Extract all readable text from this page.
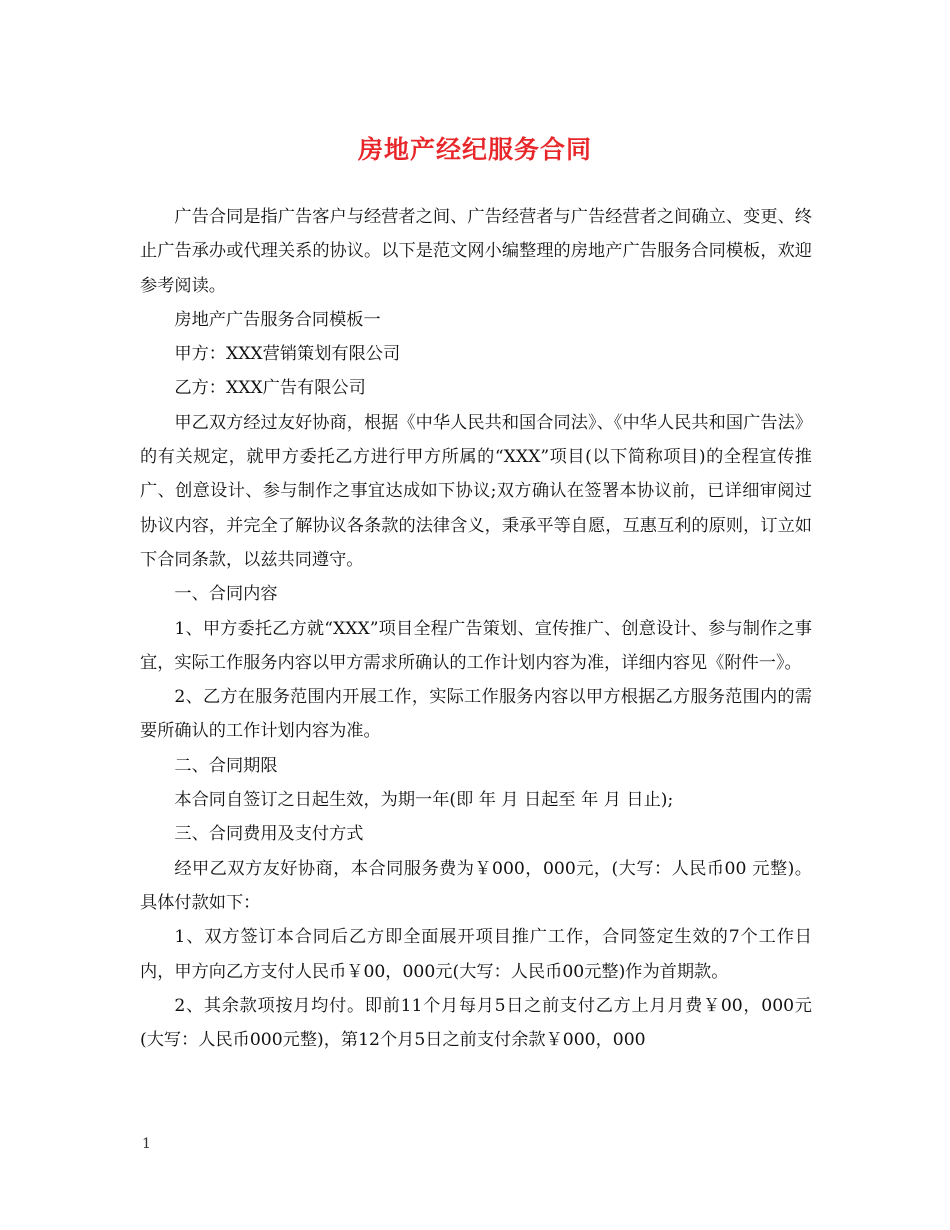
房地产经纪服务合同

广告合同是指广告客户与经营者之间、广告经营者与广告经营者之间确立、变更、终止广告承办或代理关系的协议。以下是范文网小编整理的房地产广告服务合同模板，欢迎参考阅读。

房地产广告服务合同模板一

甲方：XXX营销策划有限公司

乙方：XXX广告有限公司

甲乙双方经过友好协商，根据《中华人民共和国合同法》、《中华人民共和国广告法》的有关规定，就甲方委托乙方进行甲方所属的“XXX”项目(以下简称项目)的全程宣传推广、创意设计、参与制作之事宜达成如下协议;双方确认在签署本协议前，已详细审阅过协议内容，并完全了解协议各条款的法律含义，秉承平等自愿，互惠互利的原则，订立如下合同条款，以兹共同遵守。

一、合同内容

1、甲方委托乙方就“XXX”项目全程广告策划、宣传推广、创意设计、参与制作之事宜，实际工作服务内容以甲方需求所确认的工作计划内容为准，详细内容见《附件一》。

2、乙方在服务范围内开展工作，实际工作服务内容以甲方根据乙方服务范围内的需要所确认的工作计划内容为准。

二、合同期限

本合同自签订之日起生效，为期一年(即 年 月 日起至 年 月 日止);

三、合同费用及支付方式

经甲乙双方友好协商，本合同服务费为￥000，000元，(大写：人民币00 元整)。具体付款如下：

1、双方签订本合同后乙方即全面展开项目推广工作，合同签定生效的7个工作日内，甲方向乙方支付人民币￥00，000元(大写：人民币00元整)作为首期款。

2、其余款项按月均付。即前11个月每月5日之前支付乙方上月月费￥00，000元(大写：人民币000元整)，第12个月5日之前支付余款￥000，000

1
